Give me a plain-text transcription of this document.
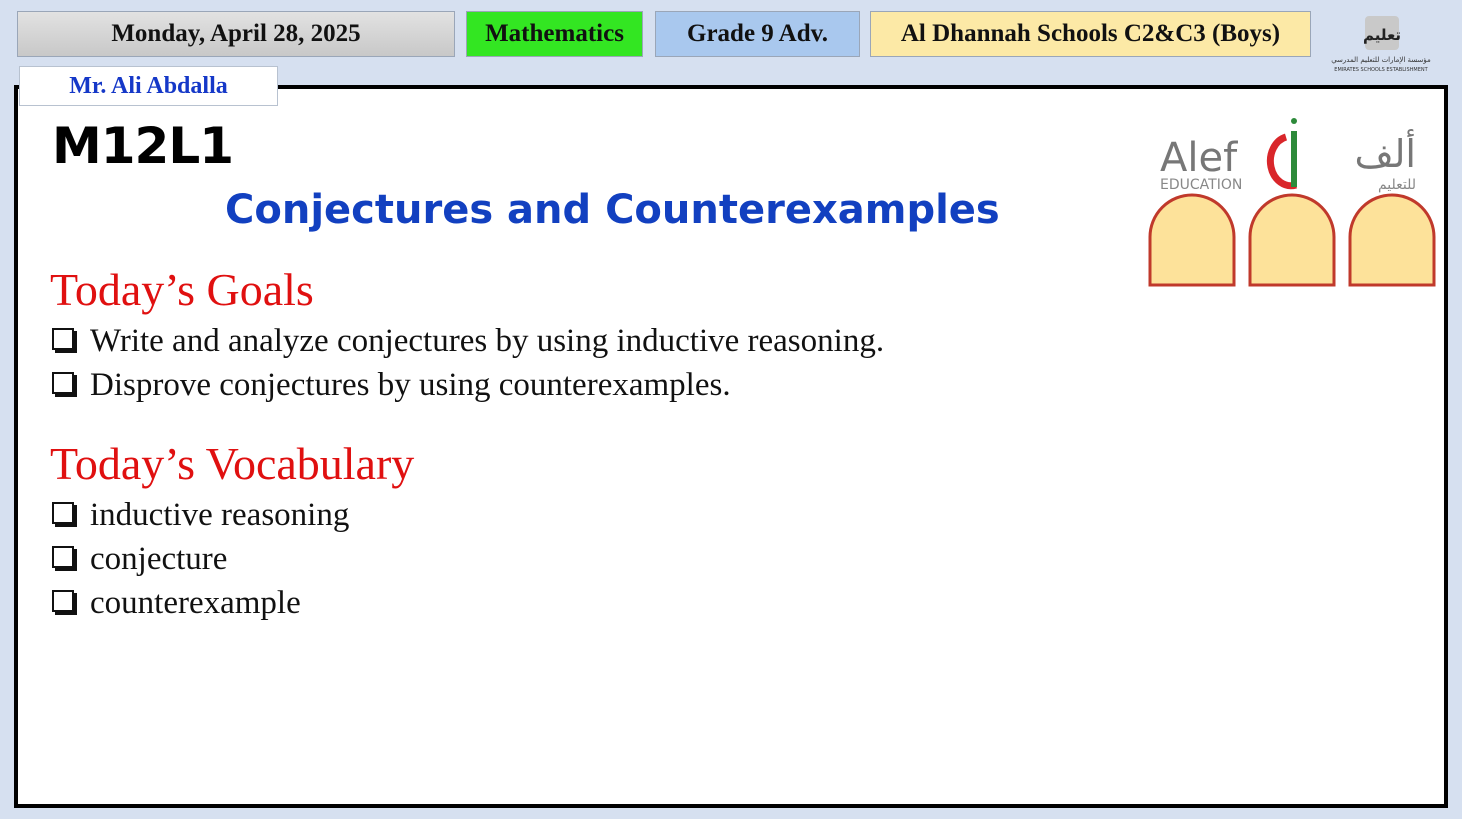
Monday, April 28, 2025	Mathematics	Grade 9 Adv.	Al Dhannah Schools C2&C3 (Boys)	تعليم
مؤسسة الإمارات للتعليم المدرسي
EMIRATES SCHOOLS ESTABLISHMENT
Mr. Ali Abdalla
M12L1
Conjectures and Counterexamples
Today’s Goals
Write and analyze conjectures by using inductive reasoning.
Disprove conjectures by using counterexamples.
Today’s Vocabulary
inductive reasoning
conjecture
counterexample
Alef
EDUCATION
ألف
للتعليم
